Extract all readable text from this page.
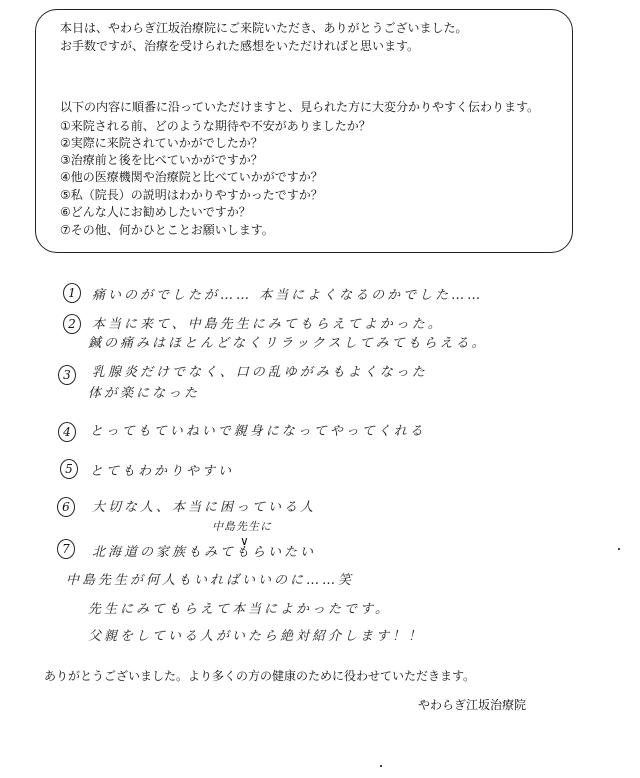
本日は、やわらぎ江坂治療院にご来院いただき、ありがとうございました。
お手数ですが、治療を受けられた感想をいただければと思います。
以下の内容に順番に沿っていただけますと、見られた方に大変分かりやすく伝わります。
①来院される前、どのような期待や不安がありましたか？
②実際に来院されていかがでしたか？
③治療前と後を比べていかがですか？
④他の医療機関や治療院と比べていかがですか？
⑤私（院長）の説明はわかりやすかったですか？
⑥どんな人にお勧めしたいですか？
⑦その他、何かひとことお願いします。
1	痛いのがでしたが…… 本当によくなるのかでした……
2	本当に来て、中島先生にみてもらえてよかった。
鍼の痛みはほとんどなくリラックスしてみてもらえる。
3	乳腺炎だけでなく、口の乱ゆがみもよくなった
体が楽になった
4	とってもていねいで親身になってやってくれる
5	とてもわかりやすい
6	大切な人、本当に困っている人
中島先生に
∨
7	北海道の家族もみてもらいたい
中島先生が何人もいればいいのに……笑
先生にみてもらえて本当によかったです。
父親をしている人がいたら絶対紹介します！！
ありがとうございました。より多くの方の健康のために役わせていただきます。
やわらぎ江坂治療院
